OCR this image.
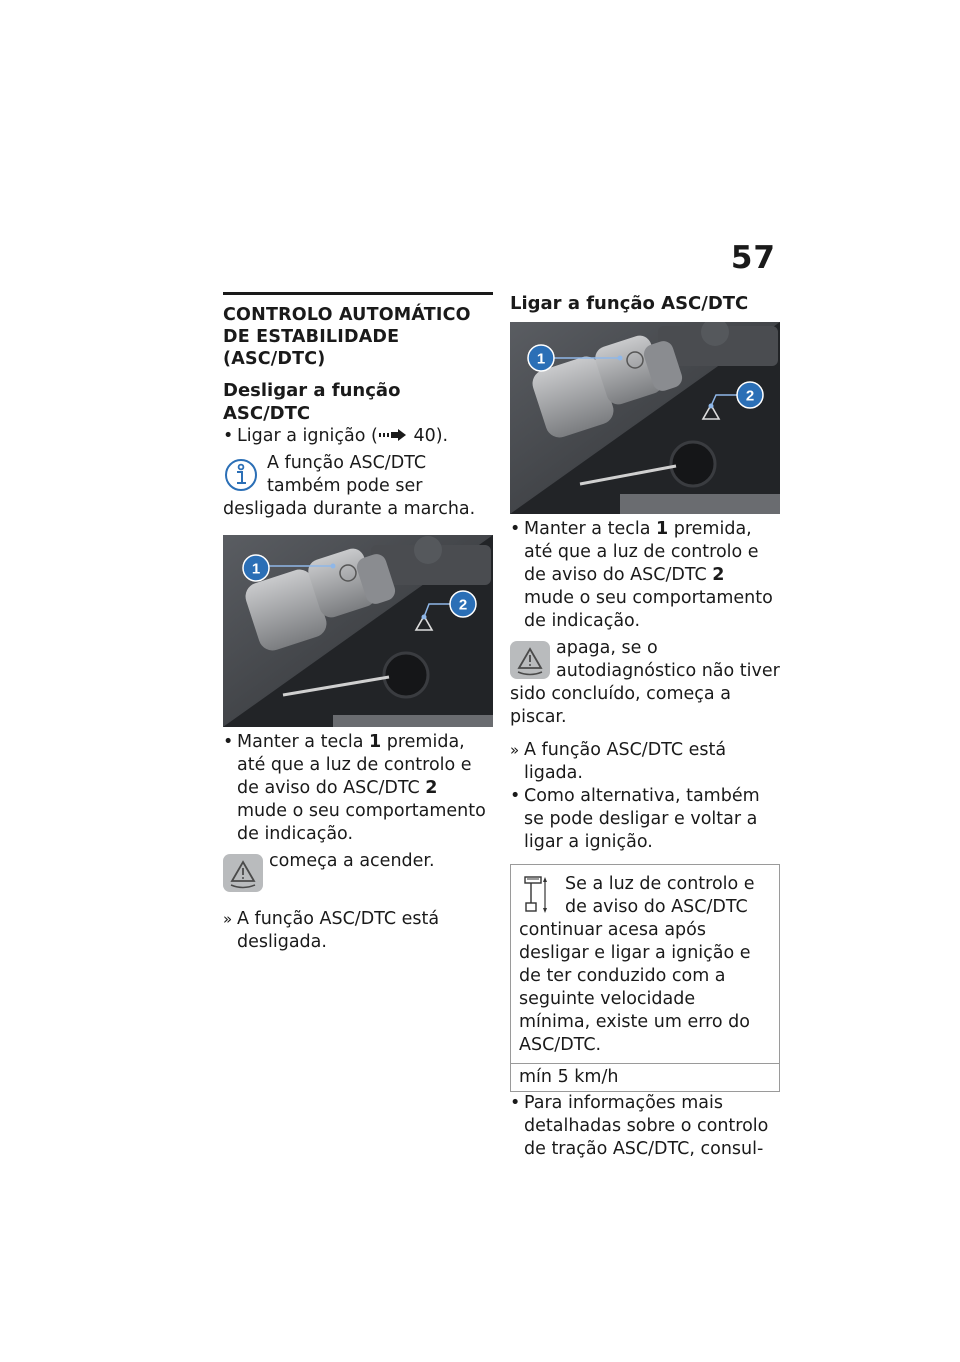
57
CONTROLO AUTOMÁTICO DE ESTABILIDADE (ASC/DTC)
Desligar a função ASC/DTC
• Ligar a ignição ( 40).
A função ASC/DTC também pode ser desligada durante a marcha.
1
2
• Manter a tecla 1 premida, até que a luz de controlo e de aviso do ASC/DTC 2 mude o seu comportamento de indicação.
começa a acender.
» A função ASC/DTC está desligada.
Ligar a função ASC/DTC
1
2
• Manter a tecla 1 premida, até que a luz de controlo e de aviso do ASC/DTC 2 mude o seu comportamento de indicação.
apaga, se o autodiagnóstico não tiver sido concluído, começa a piscar.
» A função ASC/DTC está ligada.
• Como alternativa, também se pode desligar e voltar a ligar a ignição.
Se a luz de controlo e de aviso do ASC/DTC continuar acesa após desligar e ligar a ignição e de ter conduzido com a seguinte velocidade mínima, existe um erro do ASC/DTC.
mín 5 km/h
• Para informações mais detalhadas sobre o controlo de tração ASC/DTC, consul-
